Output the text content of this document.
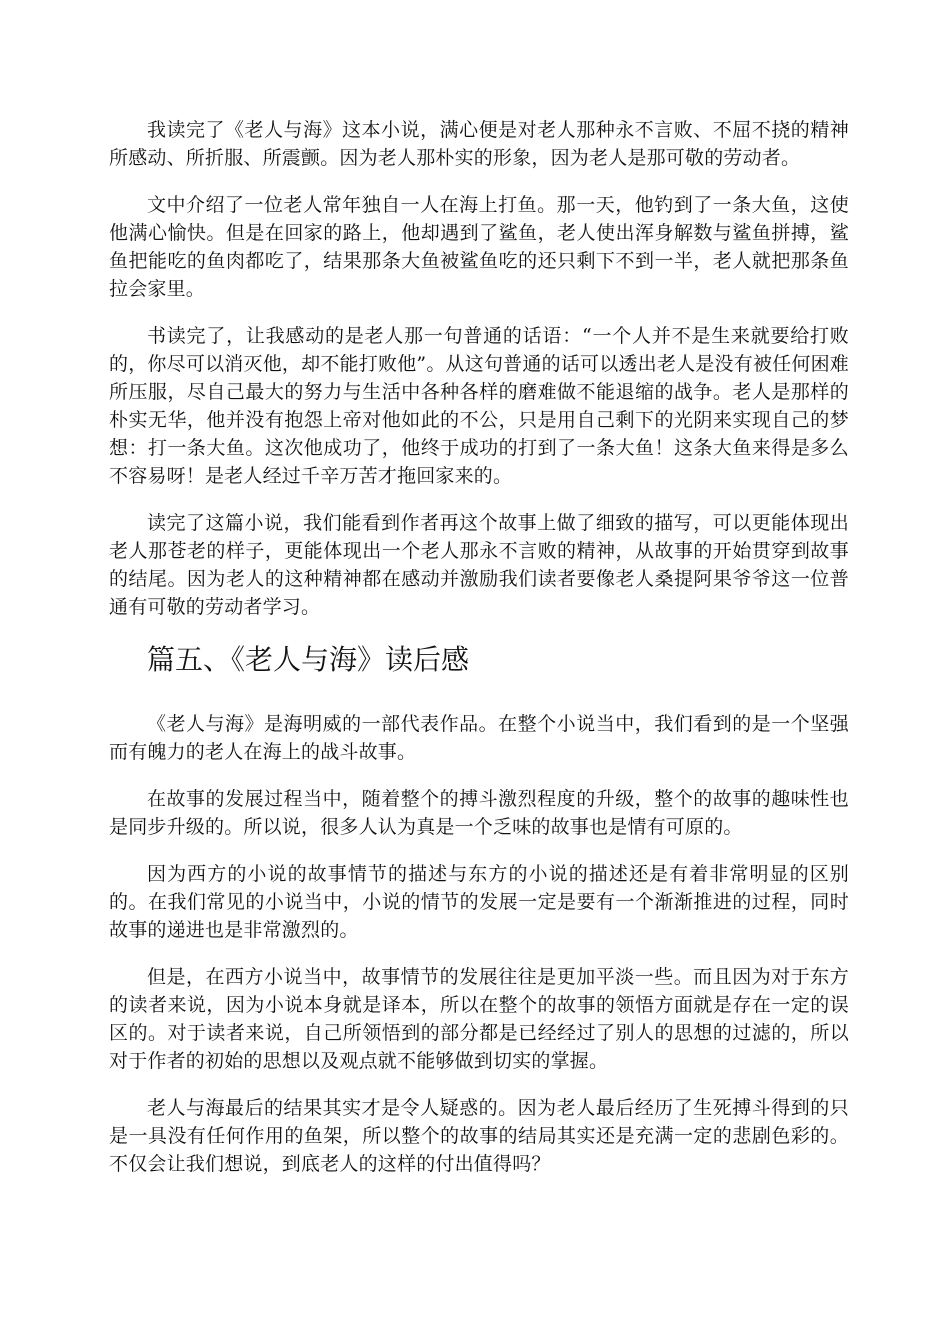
我读完了《老人与海》这本小说，满心便是对老人那种永不言败、不屈不挠的精神所感动、所折服、所震颤。因为老人那朴实的形象，因为老人是那可敬的劳动者。

文中介绍了一位老人常年独自一人在海上打鱼。那一天，他钓到了一条大鱼，这使他满心愉快。但是在回家的路上，他却遇到了鲨鱼，老人使出浑身解数与鲨鱼拼搏，鲨鱼把能吃的鱼肉都吃了，结果那条大鱼被鲨鱼吃的还只剩下不到一半，老人就把那条鱼拉会家里。

书读完了，让我感动的是老人那一句普通的话语：“一个人并不是生来就要给打败的，你尽可以消灭他，却不能打败他”。从这句普通的话可以透出老人是没有被任何困难所压服，尽自己最大的努力与生活中各种各样的磨难做不能退缩的战争。老人是那样的朴实无华，他并没有抱怨上帝对他如此的不公，只是用自己剩下的光阴来实现自己的梦想：打一条大鱼。这次他成功了，他终于成功的打到了一条大鱼！这条大鱼来得是多么不容易呀！是老人经过千辛万苦才拖回家来的。

读完了这篇小说，我们能看到作者再这个故事上做了细致的描写，可以更能体现出老人那苍老的样子，更能体现出一个老人那永不言败的精神，从故事的开始贯穿到故事的结尾。因为老人的这种精神都在感动并激励我们读者要像老人桑提阿果爷爷这一位普通有可敬的劳动者学习。

篇五、《老人与海》读后感

《老人与海》是海明威的一部代表作品。在整个小说当中，我们看到的是一个坚强而有魄力的老人在海上的战斗故事。

在故事的发展过程当中，随着整个的搏斗激烈程度的升级，整个的故事的趣味性也是同步升级的。所以说，很多人认为真是一个乏味的故事也是情有可原的。

因为西方的小说的故事情节的描述与东方的小说的描述还是有着非常明显的区别的。在我们常见的小说当中，小说的情节的发展一定是要有一个渐渐推进的过程，同时故事的递进也是非常激烈的。

但是，在西方小说当中，故事情节的发展往往是更加平淡一些。而且因为对于东方的读者来说，因为小说本身就是译本，所以在整个的故事的领悟方面就是存在一定的误区的。对于读者来说，自己所领悟到的部分都是已经经过了别人的思想的过滤的，所以对于作者的初始的思想以及观点就不能够做到切实的掌握。

老人与海最后的结果其实才是令人疑惑的。因为老人最后经历了生死搏斗得到的只是一具没有任何作用的鱼架，所以整个的故事的结局其实还是充满一定的悲剧色彩的。不仅会让我们想说，到底老人的这样的付出值得吗？
